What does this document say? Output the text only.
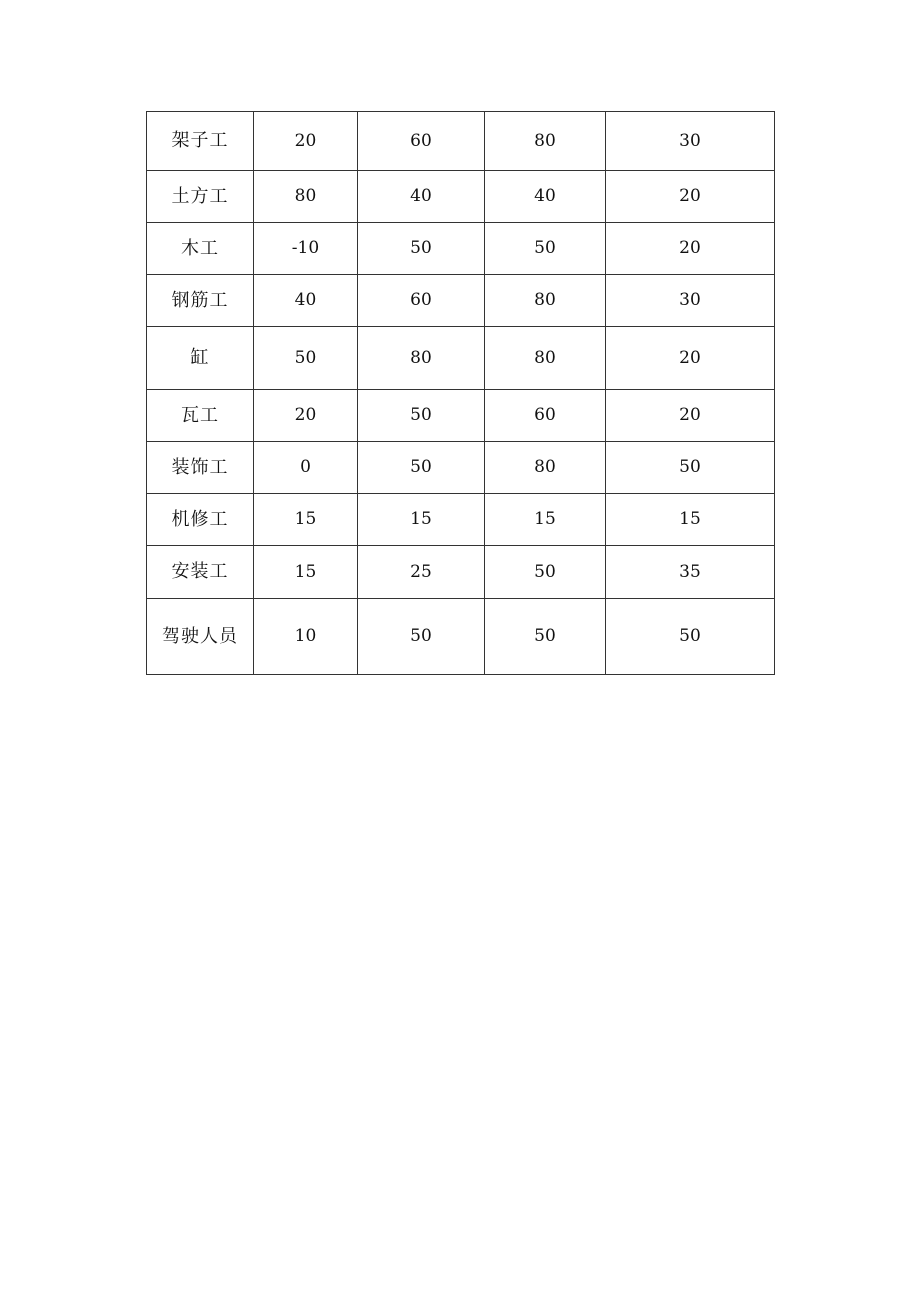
架子工	20	60	80	30
土方工	80	40	40	20
木工	-10	50	50	20
钢筋工	40	60	80	30
缸	50	80	80	20
瓦工	20	50	60	20
装饰工	0	50	80	50
机修工	15	15	15	15
安装工	15	25	50	35
驾驶人员	10	50	50	50
